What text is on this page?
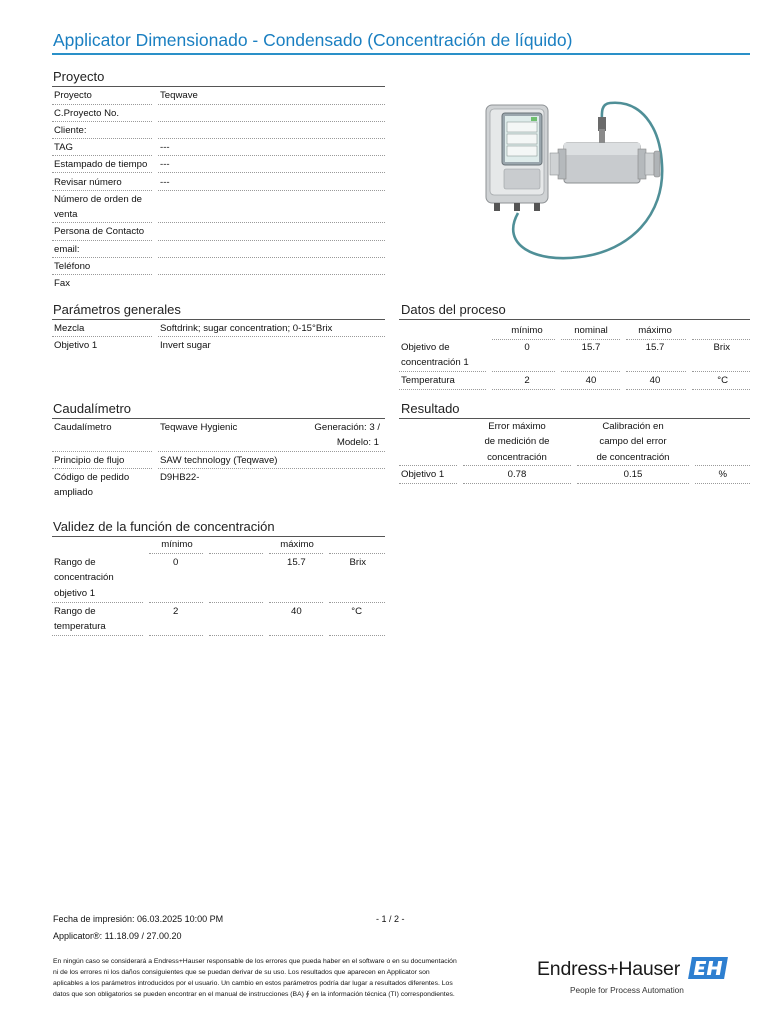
Applicator Dimensionado - Condensado (Concentración de líquido)
Proyecto
Proyecto	Teqwave
C.Proyecto No.
Cliente:
TAG	---
Estampado de tiempo ---
Revisar número	---
Número de orden de
venta
Persona de Contacto
email:
Teléfono
Fax
Parámetros generales
Mezcla	Softdrink; sugar concentration; 0-15°Brix
Objetivo 1	Invert sugar
Datos del proceso
mínimo	nominal	máximo
Objetivo de
concentración 1
0	15.7	15.7	Brix
Temperatura	2	40	40	°C
Caudalímetro
Caudalímetro	Teqwave Hygienic	Generación: 3 /
Modelo: 1
Principio de flujo	SAW technology (Teqwave)
Código de pedido
ampliado
D9HB22-
Resultado
Error máximo
de medición de
concentración
Calibración en
campo del error
de concentración
Objetivo 1	0.78	0.15	%
Validez de la función de concentración
mínimo	máximo
Rango de
concentración
objetivo 1
0	15.7	Brix
Rango de
temperatura
2	40	°C
Fecha de impresión: 06.03.2025 10:00 PM	- 1 / 2 -
Applicator®: 11.18.09 / 27.00.20
En ningún caso se considerará a Endress+Hauser responsable de los errores que pueda haber en el software o en su documentación
ni de los errores ni los daños consiguientes que se puedan derivar de su uso. Los resultados que aparecen en Applicator son
aplicables a los parámetros introducidos por el usuario. Un cambio en estos parámetros podría dar lugar a resultados diferentes. Los
datos que son obligatorios se pueden encontrar en el manual de instrucciones (BA) ∮ en la información técnica (TI) correspondientes.
Endress+Hauser
People for Process Automation
